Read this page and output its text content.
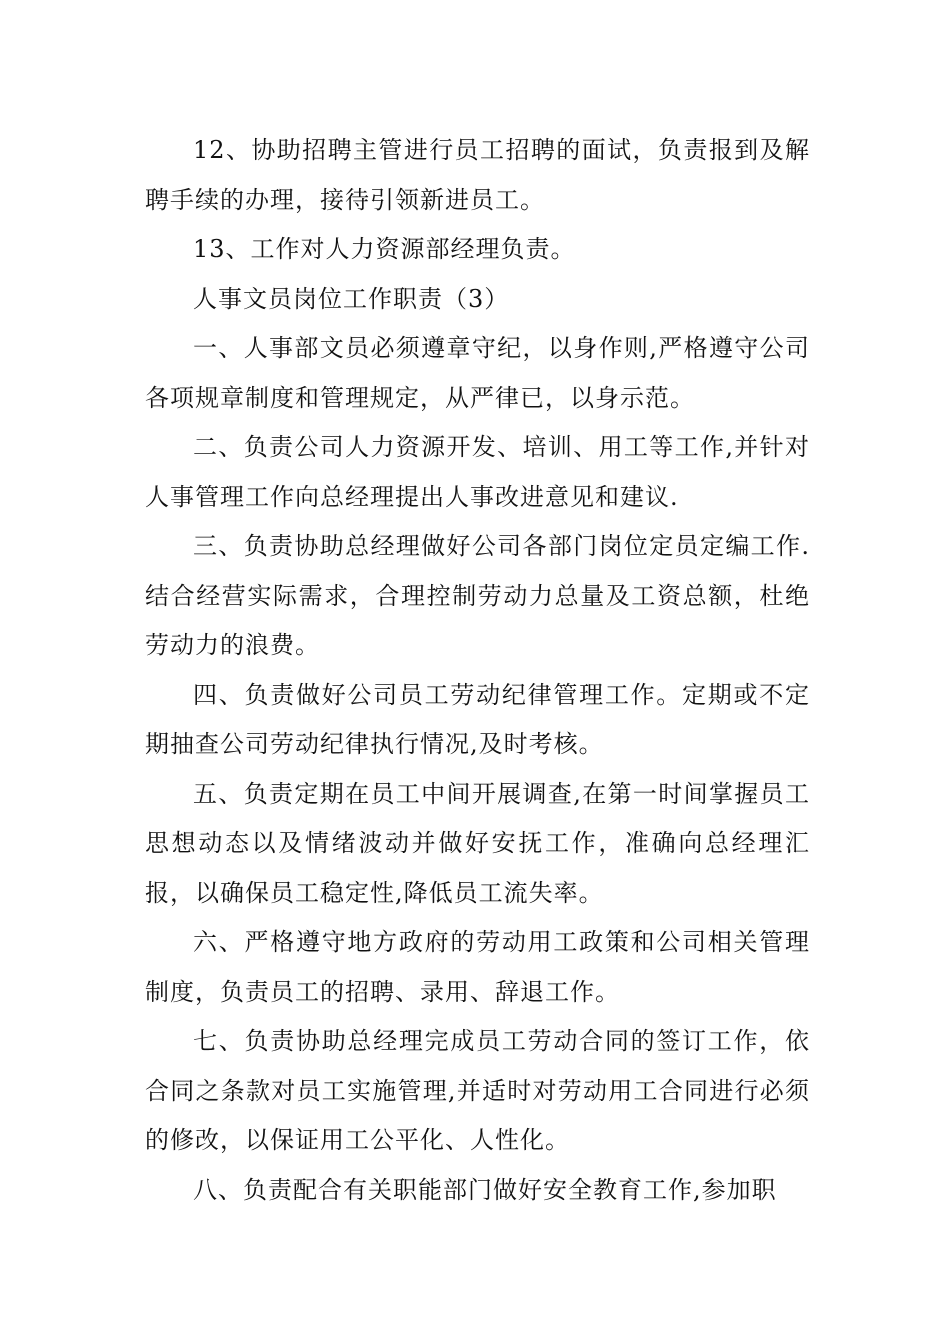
12、协助招聘主管进行员工招聘的面试，负责报到及解聘手续的办理，接待引领新进员工。

13、工作对人力资源部经理负责。

人事文员岗位工作职责（3）

一、人事部文员必须遵章守纪，以身作则,严格遵守公司各项规章制度和管理规定，从严律已，以身示范。

二、负责公司人力资源开发、培训、用工等工作,并针对人事管理工作向总经理提出人事改进意见和建议.

三、负责协助总经理做好公司各部门岗位定员定编工作.结合经营实际需求，合理控制劳动力总量及工资总额，杜绝劳动力的浪费。

四、负责做好公司员工劳动纪律管理工作。定期或不定期抽查公司劳动纪律执行情况,及时考核。

五、负责定期在员工中间开展调查,在第一时间掌握员工思想动态以及情绪波动并做好安抚工作，准确向总经理汇报，以确保员工稳定性,降低员工流失率。

六、严格遵守地方政府的劳动用工政策和公司相关管理制度，负责员工的招聘、录用、辞退工作。

七、负责协助总经理完成员工劳动合同的签订工作，依合同之条款对员工实施管理,并适时对劳动用工合同进行必须的修改，以保证用工公平化、人性化。

八、负责配合有关职能部门做好安全教育工作,参加职
